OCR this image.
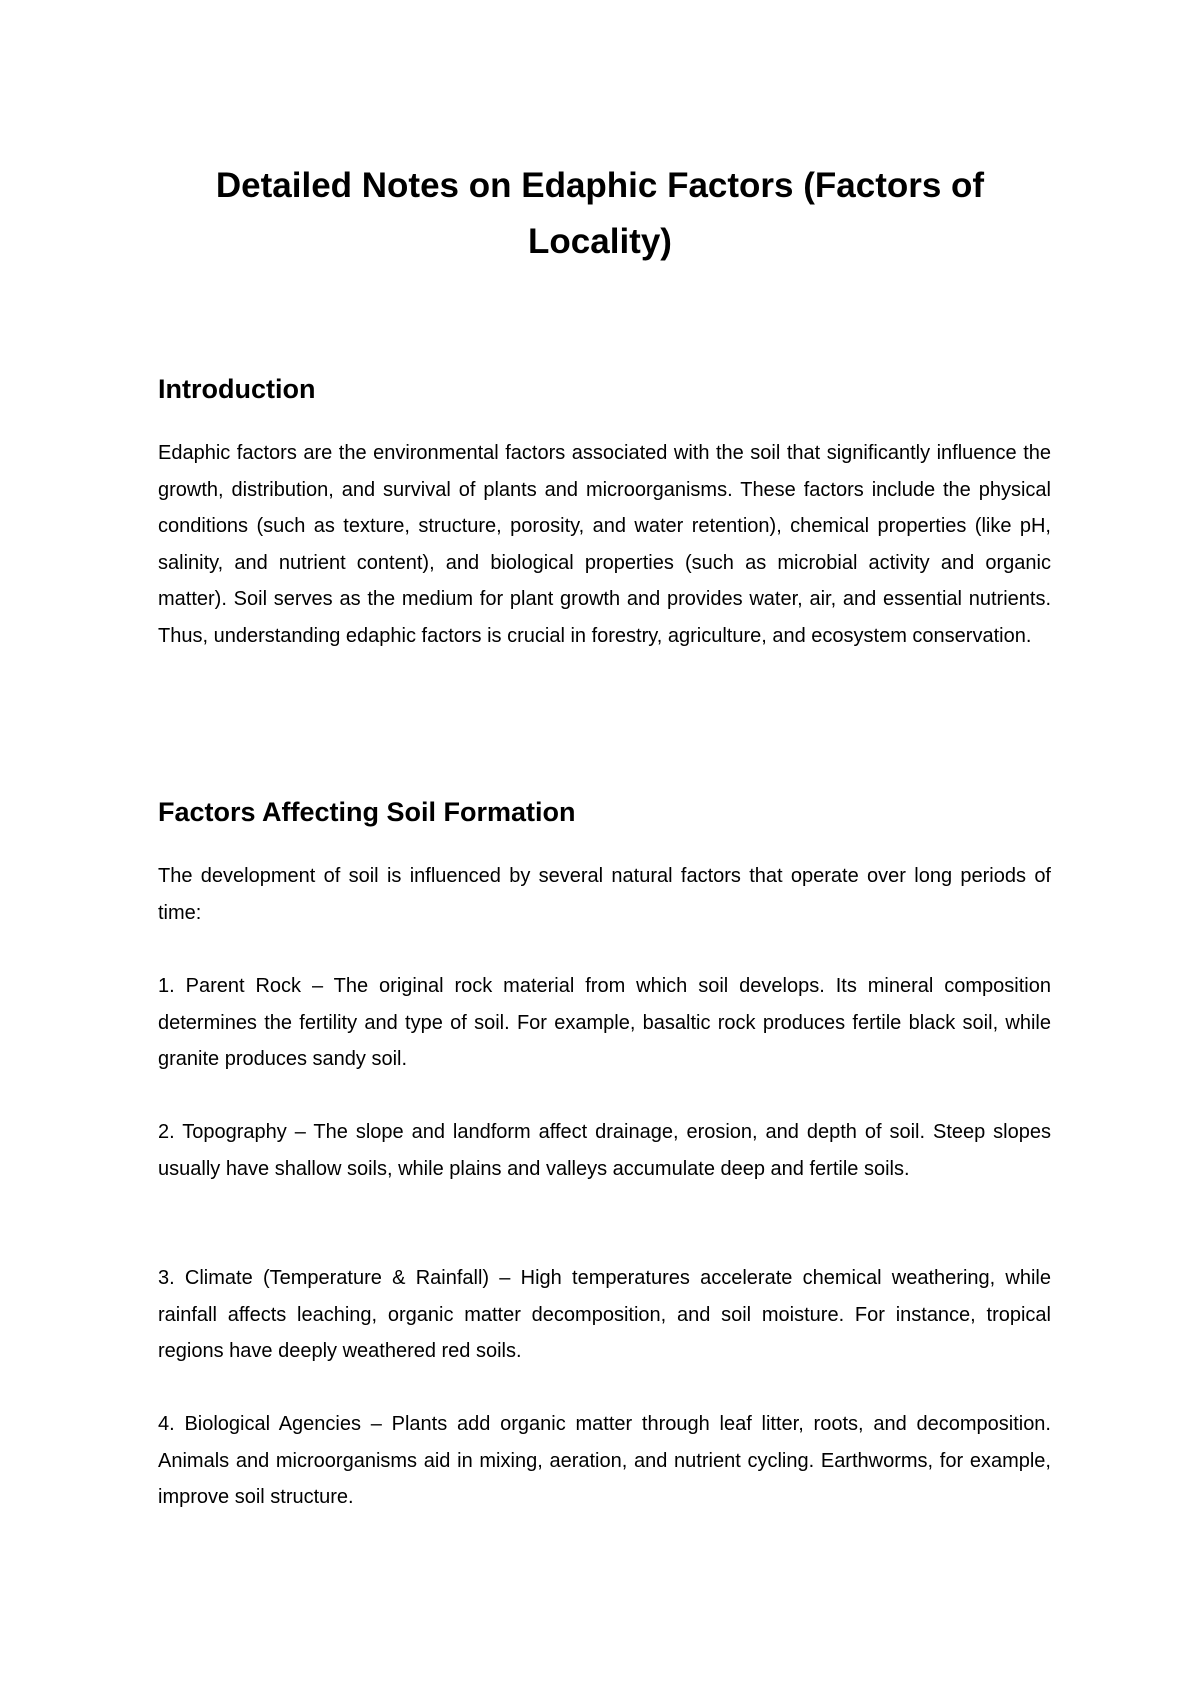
Detailed Notes on Edaphic Factors (Factors of Locality)
Introduction

Edaphic factors are the environmental factors associated with the soil that significantly influence the growth, distribution, and survival of plants and microorganisms. These factors include the physical conditions (such as texture, structure, porosity, and water retention), chemical properties (like pH, salinity, and nutrient content), and biological properties (such as microbial activity and organic matter). Soil serves as the medium for plant growth and provides water, air, and essential nutrients. Thus, understanding edaphic factors is crucial in forestry, agriculture, and ecosystem conservation.

Factors Affecting Soil Formation

The development of soil is influenced by several natural factors that operate over long periods of time:

1. Parent Rock – The original rock material from which soil develops. Its mineral composition determines the fertility and type of soil. For example, basaltic rock produces fertile black soil, while granite produces sandy soil.

2. Topography – The slope and landform affect drainage, erosion, and depth of soil. Steep slopes usually have shallow soils, while plains and valleys accumulate deep and fertile soils.

3. Climate (Temperature & Rainfall) – High temperatures accelerate chemical weathering, while rainfall affects leaching, organic matter decomposition, and soil moisture. For instance, tropical regions have deeply weathered red soils.

4. Biological Agencies – Plants add organic matter through leaf litter, roots, and decomposition. Animals and microorganisms aid in mixing, aeration, and nutrient cycling. Earthworms, for example, improve soil structure.
